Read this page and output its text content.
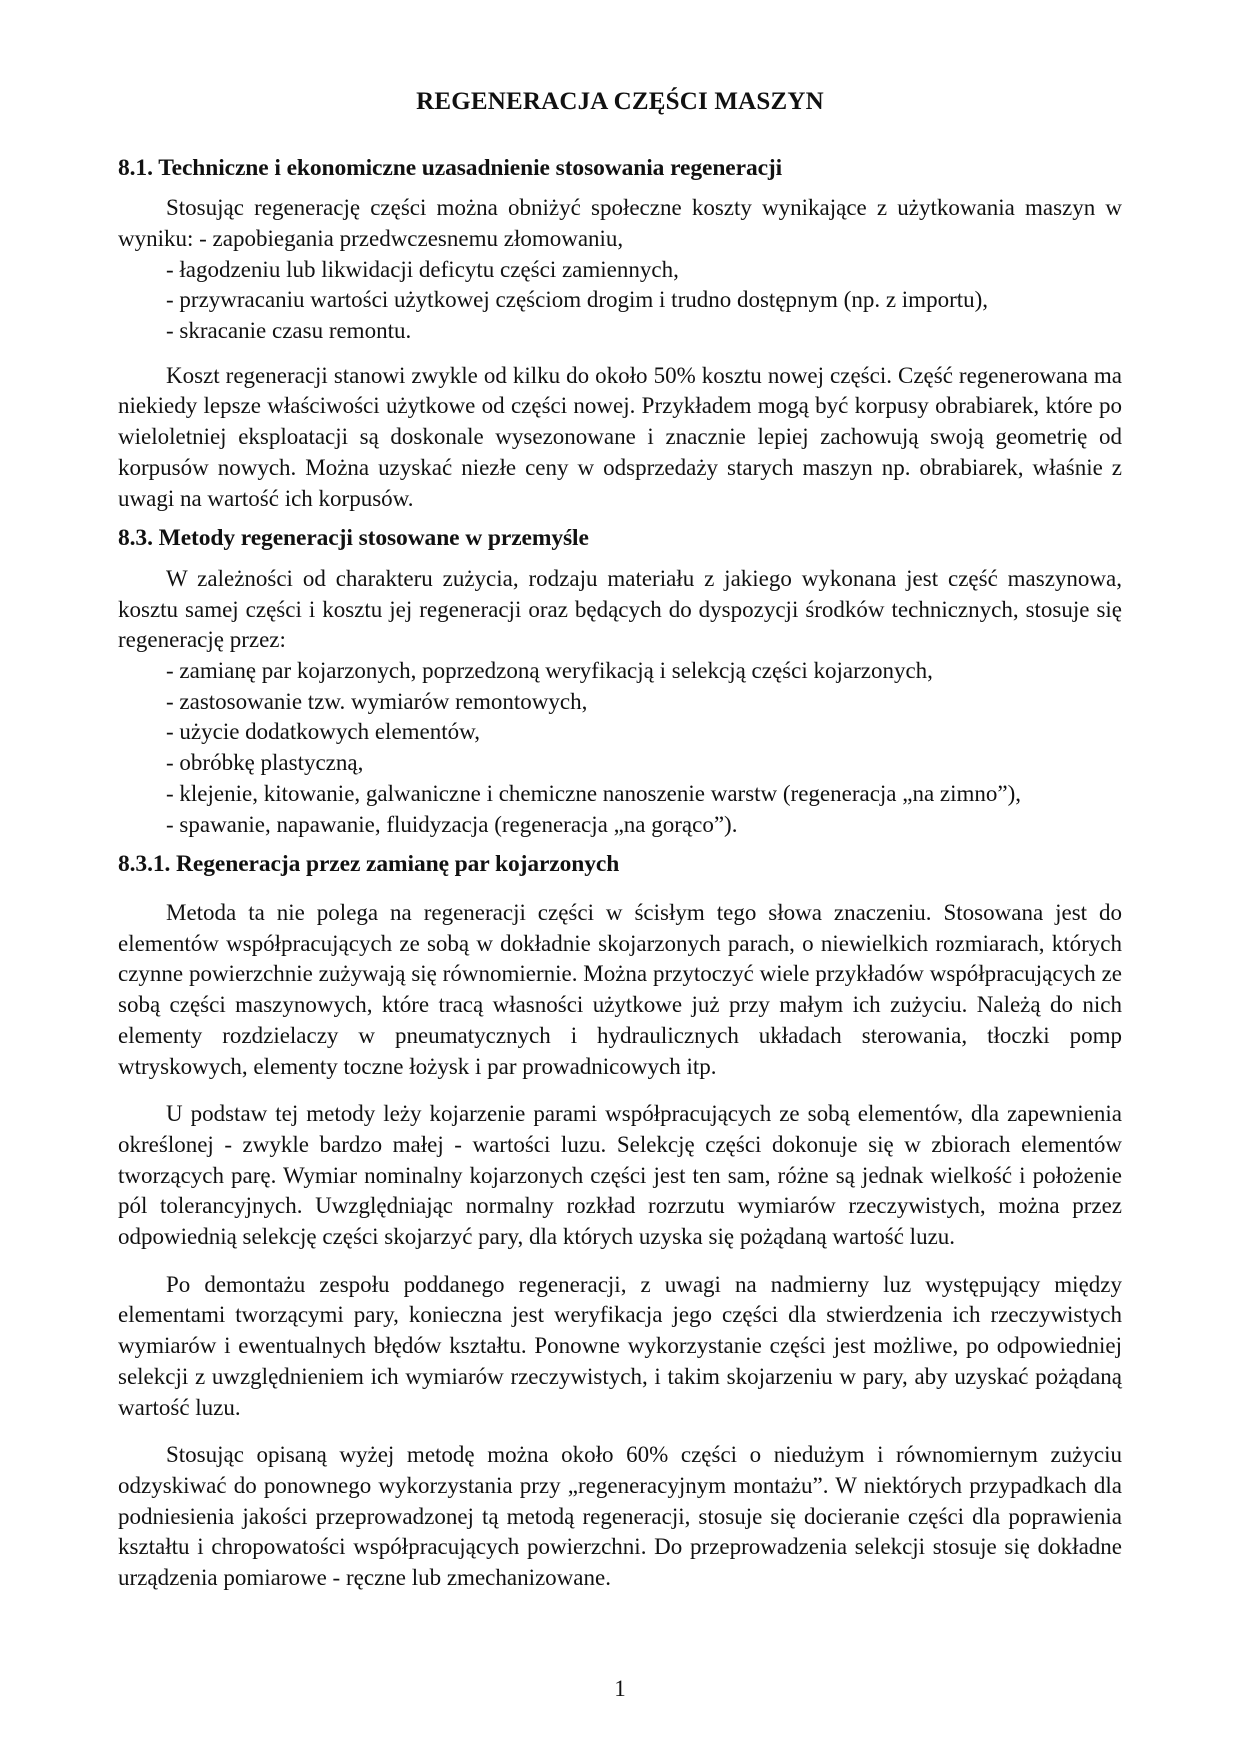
REGENERACJA CZĘŚCI MASZYN
8.1. Techniczne i ekonomiczne uzasadnienie stosowania regeneracji

Stosując regenerację części można obniżyć społeczne koszty wynikające z użytkowania maszyn w wyniku: - zapobiegania przedwczesnemu złomowaniu,

- łagodzeniu lub likwidacji deficytu części zamiennych,
- przywracaniu wartości użytkowej częściom drogim i trudno dostępnym (np. z importu),
- skracanie czasu remontu.

Koszt regeneracji stanowi zwykle od kilku do około 50% kosztu nowej części. Część regenerowana ma niekiedy lepsze właściwości użytkowe od części nowej. Przykładem mogą być korpusy obrabiarek, które po wieloletniej eksploatacji są doskonale wysezonowane i znacznie lepiej zachowują swoją geometrię od korpusów nowych. Można uzyskać niezłe ceny w odsprzedaży starych maszyn np. obrabiarek, właśnie z uwagi na wartość ich korpusów.

8.3. Metody regeneracji stosowane w przemyśle

W zależności od charakteru zużycia, rodzaju materiału z jakiego wykonana jest część maszynowa, kosztu samej części i kosztu jej regeneracji oraz będących do dyspozycji środków technicznych, stosuje się regenerację przez:

- zamianę par kojarzonych, poprzedzoną weryfikacją i selekcją części kojarzonych,
- zastosowanie tzw. wymiarów remontowych,
- użycie dodatkowych elementów,
- obróbkę plastyczną,
- klejenie, kitowanie, galwaniczne i chemiczne nanoszenie warstw (regeneracja „na zimno”),
- spawanie, napawanie, fluidyzacja (regeneracja „na gorąco”).
8.3.1. Regeneracja przez zamianę par kojarzonych

Metoda ta nie polega na regeneracji części w ścisłym tego słowa znaczeniu. Stosowana jest do elementów współpracujących ze sobą w dokładnie skojarzonych parach, o niewielkich rozmiarach, których czynne powierzchnie zużywają się równomiernie. Można przytoczyć wiele przykładów współpracujących ze sobą części maszynowych, które tracą własności użytkowe już przy małym ich zużyciu. Należą do nich elementy rozdzielaczy w pneumatycznych i hydraulicznych układach sterowania, tłoczki pomp wtryskowych, elementy toczne łożysk i par prowadnicowych itp.

U podstaw tej metody leży kojarzenie parami współpracujących ze sobą elementów, dla zapewnienia określonej - zwykle bardzo małej - wartości luzu. Selekcję części dokonuje się w zbiorach elementów tworzących parę. Wymiar nominalny kojarzonych części jest ten sam, różne są jednak wielkość i położenie pól tolerancyjnych. Uwzględniając normalny rozkład rozrzutu wymiarów rzeczywistych, można przez odpowiednią selekcję części skojarzyć pary, dla których uzyska się pożądaną wartość luzu.

Po demontażu zespołu poddanego regeneracji, z uwagi na nadmierny luz występujący między elementami tworzącymi pary, konieczna jest weryfikacja jego części dla stwierdzenia ich rzeczywistych wymiarów i ewentualnych błędów kształtu. Ponowne wykorzystanie części jest możliwe, po odpowiedniej selekcji z uwzględnieniem ich wymiarów rzeczywistych, i takim skojarzeniu w pary, aby uzyskać pożądaną wartość luzu.

Stosując opisaną wyżej metodę można około 60% części o niedużym i równomiernym zużyciu odzyskiwać do ponownego wykorzystania przy „regeneracyjnym montażu”. W niektórych przypadkach dla podniesienia jakości przeprowadzonej tą metodą regeneracji, stosuje się docieranie części dla poprawienia kształtu i chropowatości współpracujących powierzchni. Do przeprowadzenia selekcji stosuje się dokładne urządzenia pomiarowe - ręczne lub zmechanizowane.

1
